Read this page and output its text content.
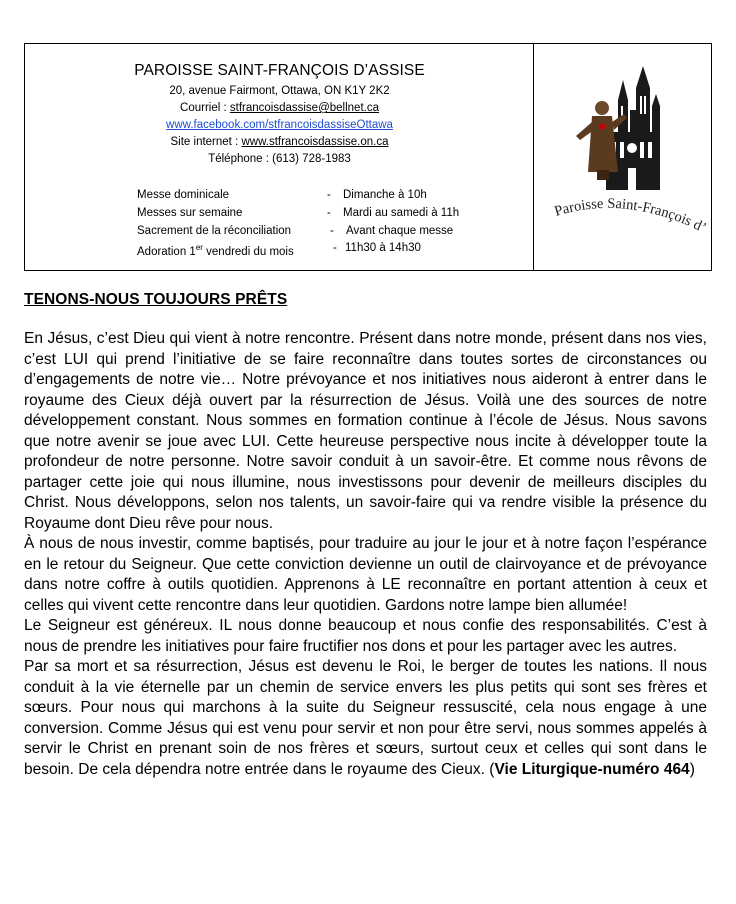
PAROISSE SAINT-FRANÇOIS D’ASSISE
20, avenue Fairmont, Ottawa, ON K1Y 2K2
Courriel : stfrancoisdassise@bellnet.ca
www.facebook.com/stfrancoisdassiseOttawa
Site internet : www.stfrancoisdassise.on.ca
Téléphone : (613) 728-1983
Messe dominicale	- Dimanche à 10h
Messes sur semaine	- Mardi au samedi à 11h
Sacrement de la réconciliation	- Avant chaque messe
Adoration 1er vendredi du mois	- 11h30 à 14h30
Paroisse Saint-François d’
TENONS-NOUS TOUJOURS PRÊTS

En Jésus, c’est Dieu qui vient à notre rencontre. Présent dans notre monde, présent dans nos vies, c’est LUI qui prend l’initiative de se faire reconnaître dans toutes sortes de circonstances ou d’engagements de notre vie… Notre prévoyance et nos initiatives nous aideront à entrer dans le royaume des Cieux déjà ouvert par la résurrection de Jésus. Voilà une des sources de notre développement constant. Nous sommes en formation continue à l’école de Jésus. Nous savons que notre avenir se joue avec LUI. Cette heureuse perspective nous incite à développer toute la profondeur de notre personne. Notre savoir conduit à un savoir-être. Et comme nous rêvons de partager cette joie qui nous illumine, nous investissons pour devenir de meilleurs disciples du Christ. Nous développons, selon nos talents, un savoir-faire qui va rendre visible la présence du Royaume dont Dieu rêve pour nous.

À nous de nous investir, comme baptisés, pour traduire au jour le jour et à notre façon l’espérance en le retour du Seigneur. Que cette conviction devienne un outil de clairvoyance et de prévoyance dans notre coffre à outils quotidien. Apprenons à LE reconnaître en portant attention à ceux et celles qui vivent cette rencontre dans leur quotidien. Gardons notre lampe bien allumée!

Le Seigneur est généreux. IL nous donne beaucoup et nous confie des responsabilités. C’est à nous de prendre les initiatives pour faire fructifier nos dons et pour les partager avec les autres.

Par sa mort et sa résurrection, Jésus est devenu le Roi, le berger de toutes les nations. Il nous conduit à la vie éternelle par un chemin de service envers les plus petits qui sont ses frères et sœurs. Pour nous qui marchons à la suite du Seigneur ressuscité, cela nous engage à une conversion. Comme Jésus qui est venu pour servir et non pour être servi, nous sommes appelés à servir le Christ en prenant soin de nos frères et sœurs, surtout ceux et celles qui sont dans le besoin. De cela dépendra notre entrée dans le royaume des Cieux. (Vie Liturgique-numéro 464)
